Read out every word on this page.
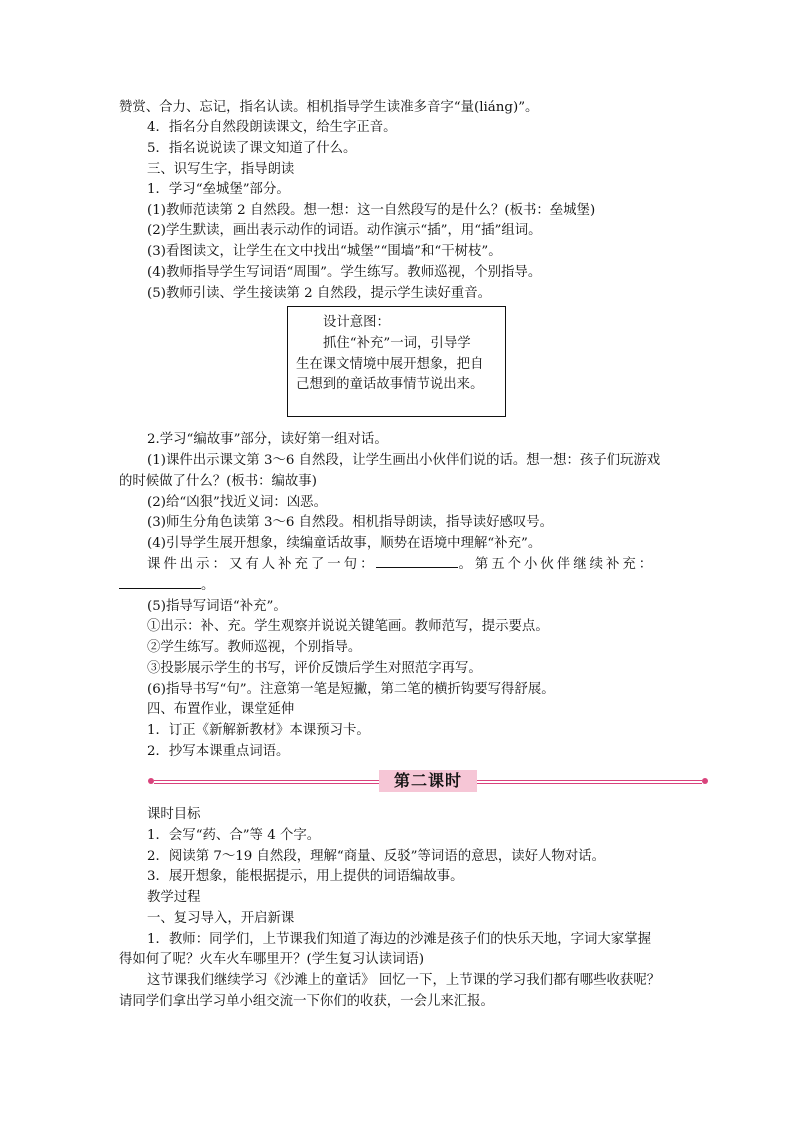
赞赏、合力、忘记，指名认读。相机指导学生读准多音字“量(liáng)”。
4．指名分自然段朗读课文，给生字正音。
5．指名说说读了课文知道了什么。
三、识写生字，指导朗读
1．学习“垒城堡”部分。
(1)教师范读第 2 自然段。想一想：这一自然段写的是什么？(板书：垒城堡)
(2)学生默读，画出表示动作的词语。动作演示“插”，用“插”组词。
(3)看图读文，让学生在文中找出“城堡”“围墙”和“干树枝”。
(4)教师指导学生写词语“周围”。学生练写。教师巡视，个别指导。
(5)教师引读、学生接读第 2 自然段，提示学生读好重音。
设计意图：
抓住“补充”一词，引导学
生在课文情境中展开想象，把自
己想到的童话故事情节说出来。
2.学习“编故事”部分，读好第一组对话。
(1)课件出示课文第 3～6 自然段，让学生画出小伙伴们说的话。想一想：孩子们玩游戏
的时候做了什么？(板书：编故事)
(2)给“凶狠”找近义词：凶恶。
(3)师生分角色读第 3～6 自然段。相机指导朗读，指导读好感叹号。
(4)引导学生展开想象，续编童话故事，顺势在语境中理解“补充”。
课件出示：又有人补充了一句：	。第五个小伙伴继续补充：
。
(5)指导写词语“补充”。
①出示：补、充。学生观察并说说关键笔画。教师范写，提示要点。
②学生练写。教师巡视，个别指导。
③投影展示学生的书写，评价反馈后学生对照范字再写。
(6)指导书写“句”。注意第一笔是短撇，第二笔的横折钩要写得舒展。
四、布置作业，课堂延伸
1．订正《新解新教材》本课预习卡。
2．抄写本课重点词语。
第二课时
课时目标
1．会写“药、合”等 4 个字。
2．阅读第 7～19 自然段，理解“商量、反驳”等词语的意思，读好人物对话。
3．展开想象，能根据提示，用上提供的词语编故事。
教学过程
一、复习导入，开启新课
1．教师：同学们，上节课我们知道了海边的沙滩是孩子们的快乐天地，字词大家掌握
得如何了呢？火车火车哪里开？(学生复习认读词语)
这节课我们继续学习《沙滩上的童话》 回忆一下，上节课的学习我们都有哪些收获呢？
请同学们拿出学习单小组交流一下你们的收获，一会儿来汇报。
